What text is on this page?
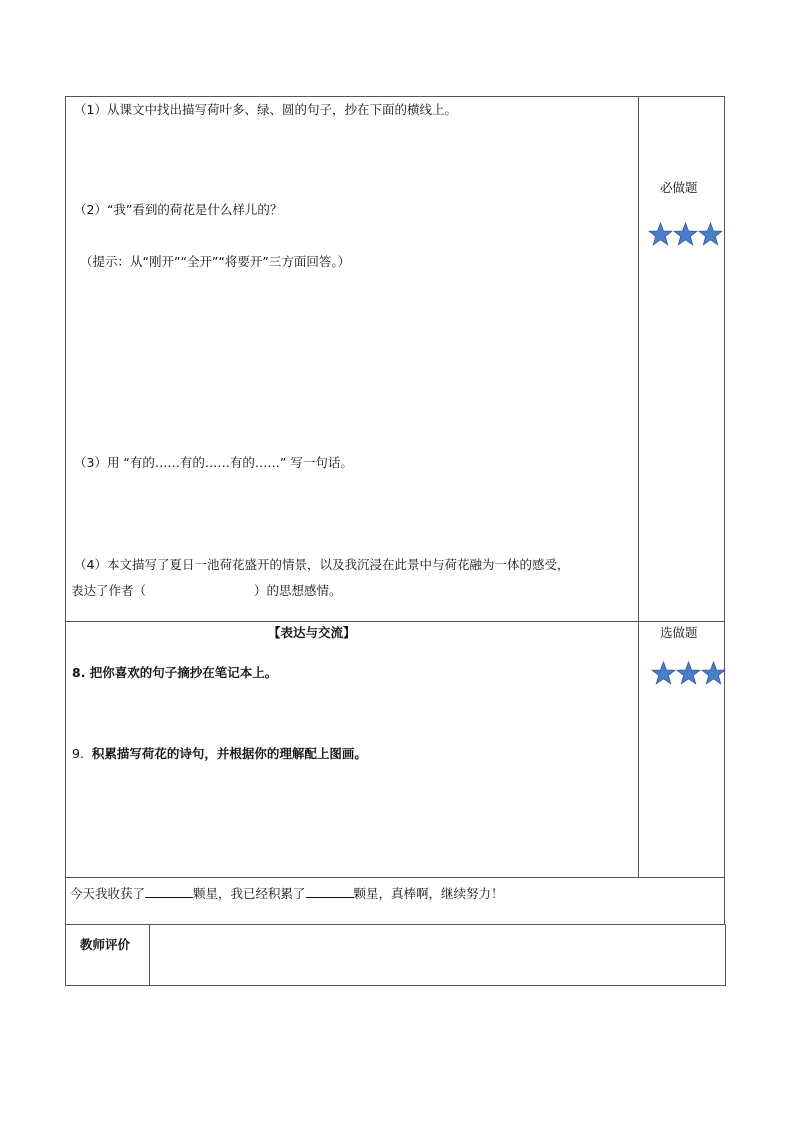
（1）从课文中找出描写荷叶多、绿、圆的句子，抄在下面的横线上。
（2）“我”看到的荷花是什么样儿的？
（提示：从“刚开”“全开”“将要开”三方面回答。）
（3）用 “有的……有的……有的……” 写一句话。
（4）本文描写了夏日一池荷花盛开的情景，以及我沉浸在此景中与荷花融为一体的感受，
表达了作者（	）的思想感情。
必做题
【表达与交流】
8. 把你喜欢的句子摘抄在笔记本上。
9. 积累描写荷花的诗句，并根据你的理解配上图画。
选做题
今天我收获了	颗星，我已经积累了	颗星，真棒啊，继续努力！
教师评价
